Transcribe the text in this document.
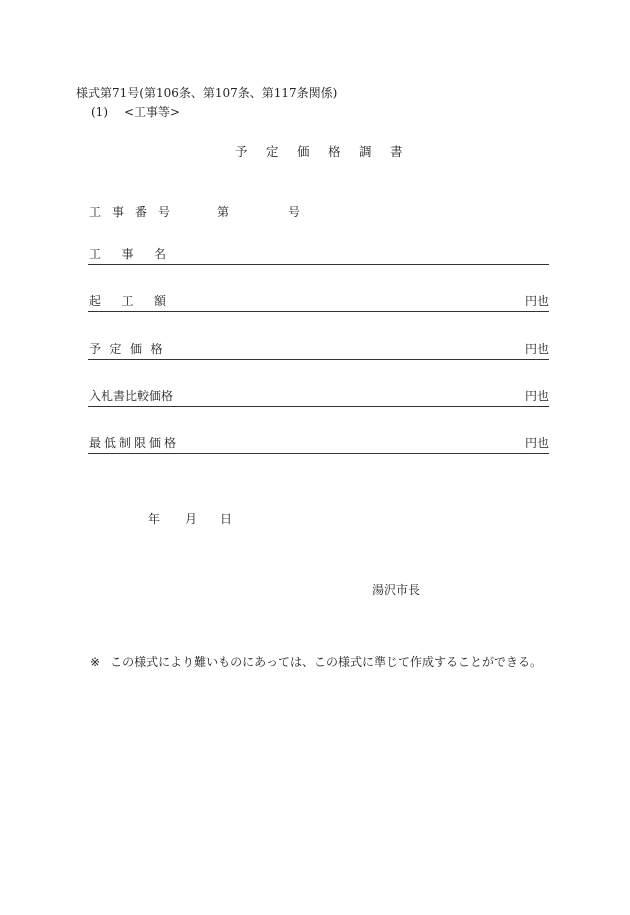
様式第71号(第106条、第107条、第117条関係)
(1) <工事等>
予定価格調書
工事番号	第	号
工事名
起工額	円也
予定価格	円也
入札書比較価格	円也
最低制限価格	円也
年 月 日
湯沢市長
※ この様式により難いものにあっては、この様式に準じて作成することができる。
